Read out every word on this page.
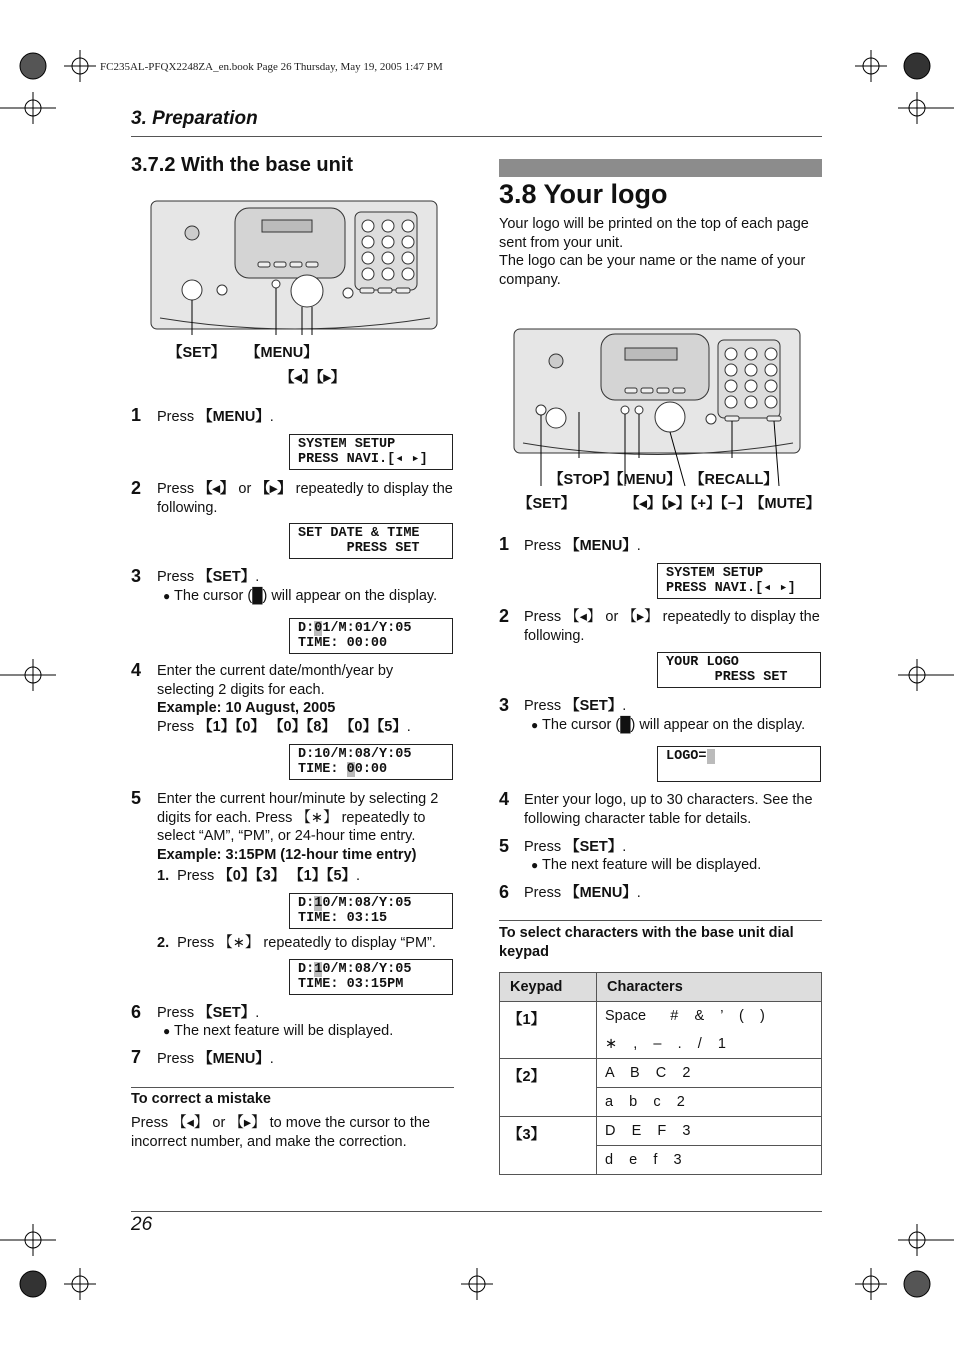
FC235AL-PFQX2248ZA_en.book Page 26 Thursday, May 19, 2005 1:47 PM
3. Preparation
3.7.2 With the base unit
【SET】 【MENU】
【◂】【▸】
1 Press 【MENU】.
SYSTEM SETUP
PRESS NAVI.[◂ ▸]
2 Press 【◂】 or 【▸】 repeatedly to display the following.
SET DATE & TIME
PRESS SET
3 Press 【SET】.
● The cursor (█) will appear on the display.
D:01/M:01/Y:05
TIME: 00:00
4 Enter the current date/month/year by selecting 2 digits for each.
Example: 10 August, 2005
Press 【1】【0】 【0】【8】 【0】【5】.
D:10/M:08/Y:05
TIME: 00:00
5 Enter the current hour/minute by selecting 2 digits for each. Press 【∗】 repeatedly to select “AM”, “PM”, or 24-hour time entry.
Example: 3:15PM (12-hour time entry)
1. Press 【0】【3】 【1】【5】.
D:10/M:08/Y:05
TIME: 03:15
2. Press 【∗】 repeatedly to display “PM”.
D:10/M:08/Y:05
TIME: 03:15PM
6 Press 【SET】.
● The next feature will be displayed.
7 Press 【MENU】.
To correct a mistake
Press 【◂】 or 【▸】 to move the cursor to the incorrect number, and make the correction.
3.8 Your logo
Your logo will be printed on the top of each page sent from your unit.
The logo can be your name or the name of your company.
【STOP】
【MENU】 【RECALL】
【SET】	【◂】【▸】【+】【−】 【MUTE】
1 Press 【MENU】.
SYSTEM SETUP
PRESS NAVI.[◂ ▸]
2 Press 【◂】 or 【▸】 repeatedly to display the following.
YOUR LOGO
PRESS SET
3 Press 【SET】.
● The cursor (█) will appear on the display.
LOGO=
4 Enter your logo, up to 30 characters. See the following character table for details.
5 Press 【SET】.
● The next feature will be displayed.
6 Press 【MENU】.
To select characters with the base unit dial keypad
Keypad	Characters
【1】	Space      #    &    ’    (    )
	∗    ,    –    .    /    1
【2】	A    B    C    2
	a    b    c    2
【3】	D    E    F    3
	d    e    f    3
26
